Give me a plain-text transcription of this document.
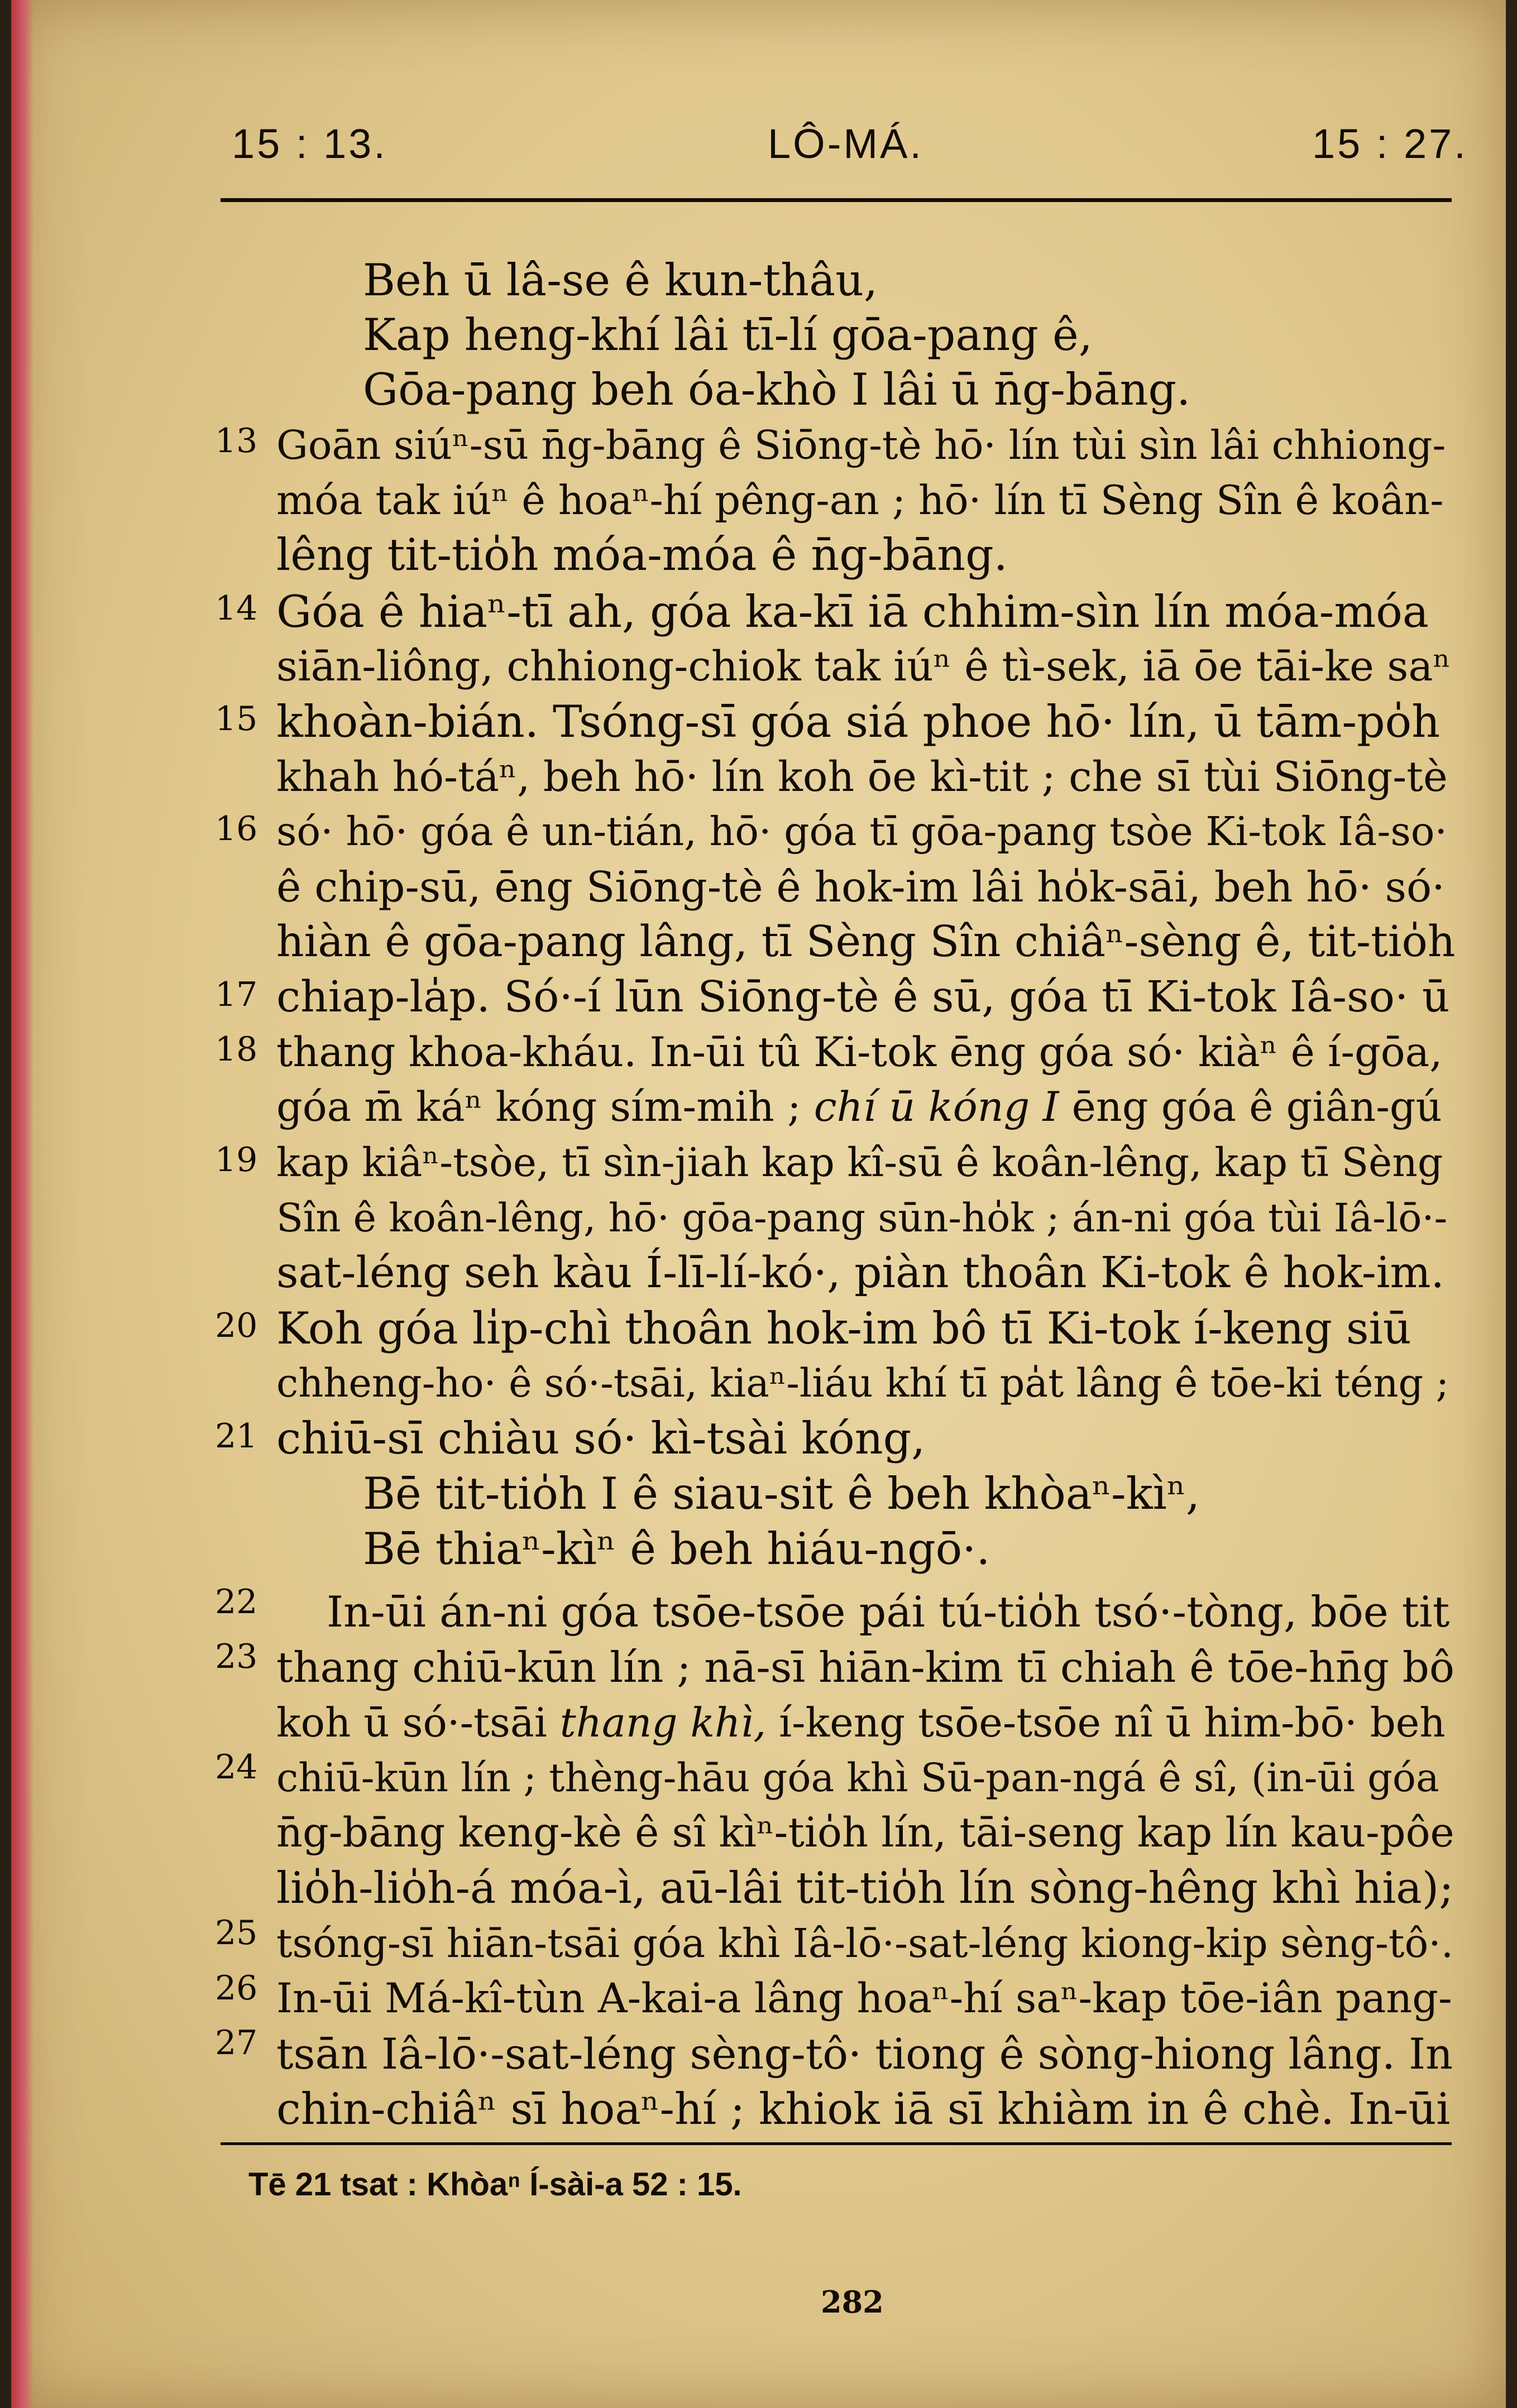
15 : 13.	LÔ-MÁ.	15 : 27.
Beh ū lâ-se ê kun-thâu,
Kap heng-khí lâi tī-lí gōa-pang ê,
Gōa-pang beh óa-khò I lâi ū n̄g-bāng.
13
14
15
16
17
18
19
20
21
22
23
24
25
26
27
Goān siúⁿ-sū n̄g-bāng ê Siōng-tè hō· lín tùi sìn lâi chhiong-
móa tak iúⁿ ê hoaⁿ-hí pêng-an ; hō· lín tī Sèng Sîn ê koân-
lêng tit-tio̍h móa-móa ê n̄g-bāng.
Góa ê hiaⁿ-tī ah, góa ka-kī iā chhim-sìn lín móa-móa
siān-liông, chhiong-chiok tak iúⁿ ê tì-sek, iā ōe tāi-ke saⁿ
khoàn-bián. Tsóng-sī góa siá phoe hō· lín, ū tām-po̍h
khah hó-táⁿ, beh hō· lín koh ōe kì-tit ; che sī tùi Siōng-tè
só· hō· góa ê un-tián, hō· góa tī gōa-pang tsòe Ki-tok Iâ-so·
ê chip-sū, ēng Siōng-tè ê hok-im lâi ho̍k-sāi, beh hō· só·
hiàn ê gōa-pang lâng, tī Sèng Sîn chiâⁿ-sèng ê, tit-tio̍h
chiap-la̍p. Só·-í lūn Siōng-tè ê sū, góa tī Ki-tok Iâ-so· ū
thang khoa-kháu. In-ūi tû Ki-tok ēng góa só· kiàⁿ ê í-gōa,
góa m̄ káⁿ kóng sím-mih ; chí ū kóng I ēng góa ê giân-gú
kap kiâⁿ-tsòe, tī sìn-jiah kap kî-sū ê koân-lêng, kap tī Sèng
Sîn ê koân-lêng, hō· gōa-pang sūn-ho̍k ; án-ni góa tùi Iâ-lō·-
sat-léng seh kàu Í-lī-lí-kó·, piàn thoân Ki-tok ê hok-im.
Koh góa li̍p-chì thoân hok-im bô tī Ki-tok í-keng siū
chheng-ho· ê só·-tsāi, kiaⁿ-liáu khí tī pa̍t lâng ê tōe-ki téng ;
chiū-sī chiàu só· kì-tsài kóng,
Bē tit-tio̍h I ê siau-sit ê beh khòaⁿ-kìⁿ,
Bē thiaⁿ-kìⁿ ê beh hiáu-ngō·.
In-ūi án-ni góa tsōe-tsōe pái tú-tio̍h tsó·-tòng, bōe tit
thang chiū-kūn lín ; nā-sī hiān-kim tī chiah ê tōe-hn̄g bô
koh ū só·-tsāi thang khì, í-keng tsōe-tsōe nî ū him-bō· beh
chiū-kūn lín ; thèng-hāu góa khì Sū-pan-ngá ê sî, (in-ūi góa
n̄g-bāng keng-kè ê sî kìⁿ-tio̍h lín, tāi-seng kap lín kau-pôe
lio̍h-lio̍h-á móa-ì, aū-lâi tit-tio̍h lín sòng-hêng khì hia);
tsóng-sī hiān-tsāi góa khì Iâ-lō·-sat-léng kiong-kip sèng-tô·.
In-ūi Má-kî-tùn A-kai-a lâng hoaⁿ-hí saⁿ-kap tōe-iân pang-
tsān Iâ-lō·-sat-léng sèng-tô· tiong ê sòng-hiong lâng. In
chin-chiâⁿ sī hoaⁿ-hí ; khiok iā sī khiàm in ê chè. In-ūi
Tē 21 tsat : Khòaⁿ Í-sài-a 52 : 15.
282
